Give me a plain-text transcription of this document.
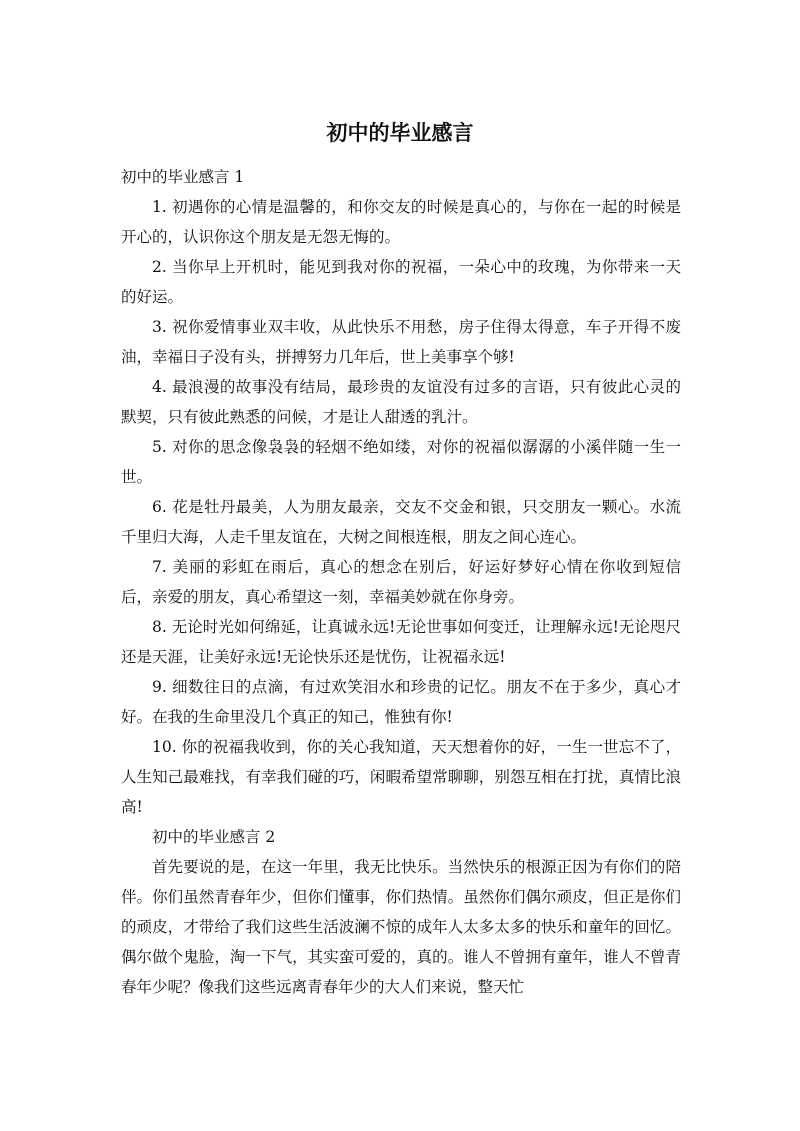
初中的毕业感言

初中的毕业感言 1

1. 初遇你的心情是温馨的，和你交友的时候是真心的，与你在一起的时候是开心的，认识你这个朋友是无怨无悔的。

2. 当你早上开机时，能见到我对你的祝福，一朵心中的玫瑰，为你带来一天的好运。

3. 祝你爱情事业双丰收，从此快乐不用愁，房子住得太得意，车子开得不废油，幸福日子没有头，拼搏努力几年后，世上美事享个够!

4. 最浪漫的故事没有结局，最珍贵的友谊没有过多的言语，只有彼此心灵的默契，只有彼此熟悉的问候，才是让人甜透的乳汁。

5. 对你的思念像袅袅的轻烟不绝如缕，对你的祝福似潺潺的小溪伴随一生一世。

6. 花是牡丹最美，人为朋友最亲，交友不交金和银，只交朋友一颗心。水流千里归大海，人走千里友谊在，大树之间根连根，朋友之间心连心。

7. 美丽的彩虹在雨后，真心的想念在别后，好运好梦好心情在你收到短信后，亲爱的朋友，真心希望这一刻，幸福美妙就在你身旁。

8. 无论时光如何绵延，让真诚永远!无论世事如何变迁，让理解永远!无论咫尺还是天涯，让美好永远!无论快乐还是忧伤，让祝福永远!

9. 细数往日的点滴，有过欢笑泪水和珍贵的记忆。朋友不在于多少，真心才好。在我的生命里没几个真正的知己，惟独有你!

10. 你的祝福我收到，你的关心我知道，天天想着你的好，一生一世忘不了，人生知己最难找，有幸我们碰的巧，闲暇希望常聊聊，别怨互相在打扰，真情比浪高!

初中的毕业感言 2

首先要说的是，在这一年里，我无比快乐。当然快乐的根源正因为有你们的陪伴。你们虽然青春年少，但你们懂事，你们热情。虽然你们偶尔顽皮，但正是你们的顽皮，才带给了我们这些生活波澜不惊的成年人太多太多的快乐和童年的回忆。偶尔做个鬼脸，淘一下气，其实蛮可爱的，真的。谁人不曾拥有童年，谁人不曾青春年少呢？像我们这些远离青春年少的大人们来说，整天忙
